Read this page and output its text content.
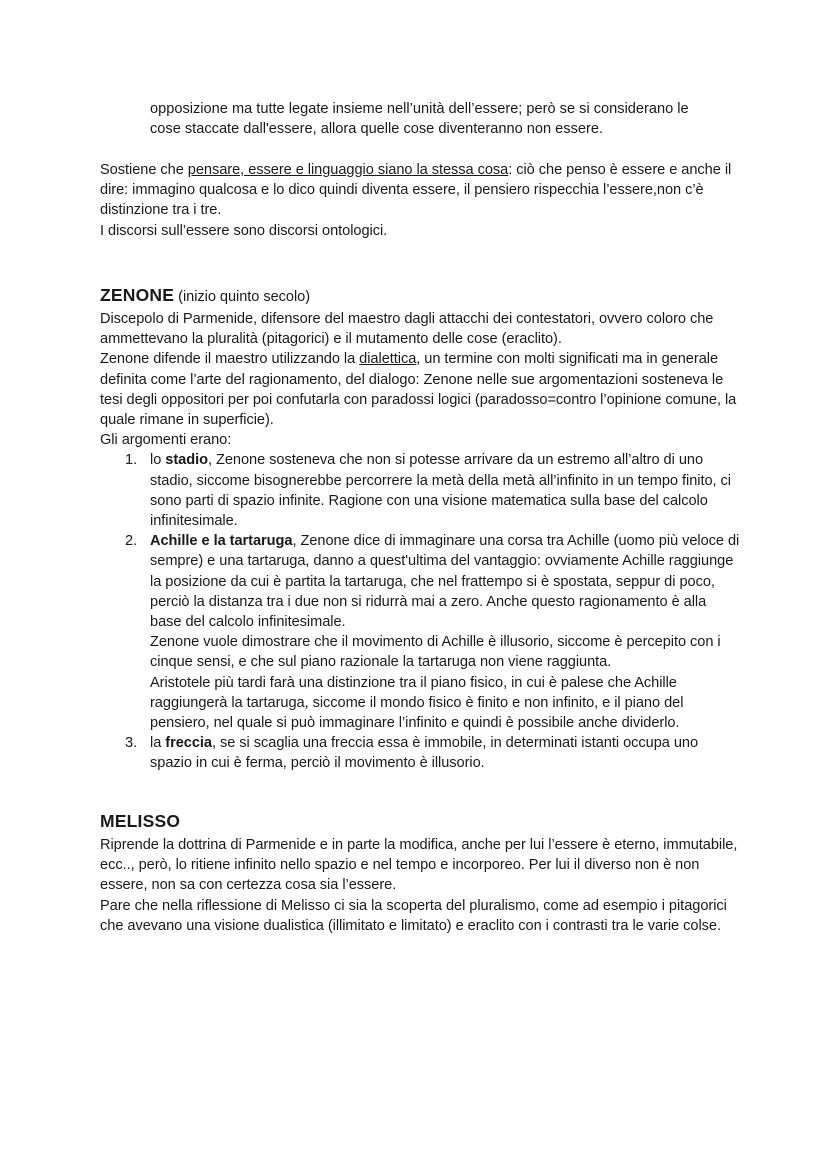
opposizione ma tutte legate insieme nell’unità dell’essere; però se si considerano le

cose staccate dall'essere, allora quelle cose diventeranno non essere.

Sostiene che pensare, essere e linguaggio siano la stessa cosa: ciò che penso è essere e anche il dire: immagino qualcosa e lo dico quindi diventa essere, il pensiero rispecchia l’essere,non c’è distinzione tra i tre.

I discorsi sull’essere sono discorsi ontologici.

ZENONE (inizio quinto secolo)

Discepolo di Parmenide, difensore del maestro dagli attacchi dei contestatori, ovvero coloro che ammettevano la pluralità (pitagorici) e il mutamento delle cose (eraclito).

Zenone difende il maestro utilizzando la dialettica, un termine con molti significati ma in generale definita come l’arte del ragionamento, del dialogo: Zenone nelle sue argomentazioni sosteneva le tesi degli oppositori per poi confutarla con paradossi logici (paradosso=contro l’opinione comune, la quale rimane in superficie).

Gli argomenti erano:

1. lo stadio, Zenone sosteneva che non si potesse arrivare da un estremo all’altro di uno stadio, siccome bisognerebbe percorrere la metà della metà all’infinito in un tempo finito, ci sono parti di spazio infinite. Ragione con una visione matematica sulla base del calcolo infinitesimale.
2. Achille e la tartaruga, Zenone dice di immaginare una corsa tra Achille (uomo più veloce di sempre) e una tartaruga, danno a quest'ultima del vantaggio: ovviamente Achille raggiunge la posizione da cui è partita la tartaruga, che nel frattempo si è spostata, seppur di poco, perciò la distanza tra i due non si ridurrà mai a zero. Anche questo ragionamento è alla base del calcolo infinitesimale.
Zenone vuole dimostrare che il movimento di Achille è illusorio, siccome è percepito con i cinque sensi, e che sul piano razionale la tartaruga non viene raggiunta.
Aristotele più tardi farà una distinzione tra il piano fisico, in cui è palese che Achille raggiungerà la tartaruga, siccome il mondo fisico è finito e non infinito, e il piano del pensiero, nel quale si può immaginare l’infinito e quindi è possibile anche dividerlo.
3. la freccia, se si scaglia una freccia essa è immobile, in determinati istanti occupa uno spazio in cui è ferma, perciò il movimento è illusorio.

MELISSO

Riprende la dottrina di Parmenide e in parte la modifica, anche per lui l’essere è eterno, immutabile, ecc.., però, lo ritiene infinito nello spazio e nel tempo e incorporeo. Per lui il diverso non è non essere, non sa con certezza cosa sia l’essere.

Pare che nella riflessione di Melisso ci sia la scoperta del pluralismo, come ad esempio i pitagorici che avevano una visione dualistica (illimitato e limitato) e eraclito con i contrasti tra le varie colse.
